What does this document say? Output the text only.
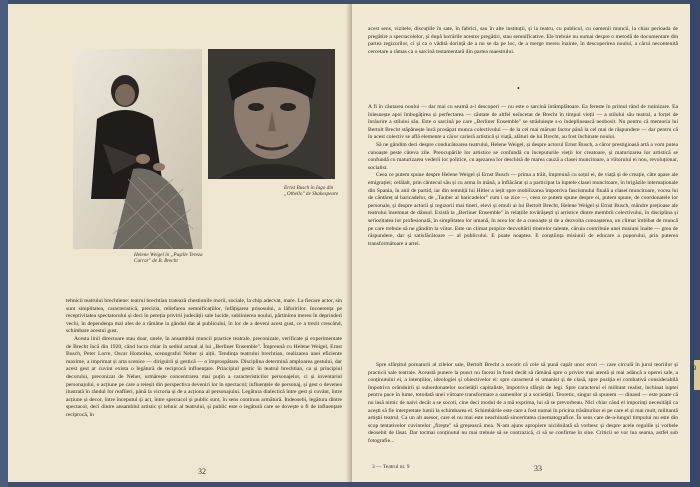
Ernst Busch în Iago din „Othello" de Shakespeare
Helene Weigel în „Puştile Tereza Carrar" de B. Brecht

tehnicii teatrului brechtiene: teatrul brechtian tratează chestiunile morii, sociale, la chip adecvat, mare. La fiecare actor, sin sunt simplitatea, caracteristică, precizia, reliefarea semnificațiilor, înfățișarea prisosului, a lăfuririlor. Incoerența pe receptivitatea spectatorului și deci în pereția privirii judecății sale lucide, sublinierea noului, părtinirea mereu în deprinderi vechi, în dependența mai ales de a rămâne la gândul dat al publicului, în loc de a deveni acest gust, ce a trezit crescând, schimbare acestui gust.

Acesta linii directoare stau doar, unele, în ansamblul muncii practice teatrale, preconizate, verificate și experimentate de Brecht încă din 1920, când lucra chiar în sediul actual al lui „Berliner Ensemble". Împreună cu Helene Weigel, Ernst Busch, Peter Lorre, Oscar Homolka, scenograful Neher și alții. Tendința teatrului brechtian, realizarea unei eficiente maxime, a imprimat și arta scenice — diriguirii și gestică — o împrospătare. Disciplina determină amploarea gestului, dar acest gest ar cuvint exista o legătură de reciprocă influențare. Principiul gestic în teatrul brechtian, ca și principiul decorului, preconizat de Neher, urmărește concentrarea mai puțin a caracteristicilor personajelor, ci și inventariul personajului, o acțiune pe care a reieșit din perspectiva deveniri lor în spectacol; influențele de personaj, și gest o devenea ilustrată în rândul lor reaflieri, până la victoria și de a acționa al personajului. Legătura dialectică între gest și cuvânt, între acțiune și decor, între începutul și act, între spectacol și public sunt, în sens continuu armătură. Indeosebi, legătura dintre spectacol, deci dintre ansamblul artistic și tehnic al teatrului, și public este o legătură care se dovește o fi de influențare reciprocă, în

32

acest sens, vizitele, discuțiile în sate, în fabrici, sau în alte instituții, și la teatru, cu publicul, cu oamenii muncii, la chiar perioada de pregătire a spectacolelor, și după lucrările acestor pregătiri, stau semnificative. Ele trebuie nu numai despre o metodă de documentare din partea regizorilor, ci și ca o vădită dorință de a nu se da pe loc, de a merge mereu înainte, în descoperirea noului, a cărui necontenită cercetare a rămas ca o sarcină testamentară din partea maestrului.

•

A fi în căutarea noului — dar mai cu seamă a-l descoperi — nu este o sarcină întâmplătoare. Ea fereste în primul rând de rutinizare. Ea înlesnește apoi îmbogățirea și perfectarea — căutate de altfel neîncetat de Brecht în timpul vieții — a stilului său teatral, a forței de înrâurire a stilului său. Este o sarcină pe care „Berliner Ensemble" se străduiește s-o îndeplinească neobosit. Nu pentru că memoria lui Bertolt Brecht stăpânește încă prosăpat munca colectivului — de la cel mai mărunt factor până la cel mai de răspundere — dar pentru că în acest colectiv se află elemente a căror carieră artistică și viață, alături de lui Brecht, au fost închinate noului.

Să ne gândim deci despre conducătoarea teatrului, Helene Weigel, și despre actorul Ernst Busch, a căror prestigioasă artă a vom putea cunoaște peste câteva zile. Preocupările lor artistice se confundă cu începuturile vieții lor creatoare, și maturizarea lor artistică se confundă cu maturizarea vederii lor politice, cu aşezarea lor deschisă de marea cauză a clasei muncitoare, a viitorului ei nou, revoluționar, socialist.

Ceea ce putem spune despre Helene Weigel și Ernst Busch — prima a trăit, împreună cu soțul ei, de viață și de creație, câte apare ale emigrației; celălalt, prin cântecul său și cu arma în mână, a înflăcărat și a participat la luptele clasei muncitoare, în brigăzile internaționale din Spania, în anii de partid, iar din temniță lui Hitler a ieșit spre mobilizarea împotriva fascismului finală a clasei muncitoare, vocea lui de cântăreț al baricadelor, de „Tauber al baricadelor" cum i se zice —, ceea ce putem spune despre ei, putem spune, de coordonatele lor personale, și despre actorii și regizorii mai tineri, elevi și emuli ai lui Bertolt Brecht, Helene Weigel și Ernst Busch, mândre prețioase ale teatrului însemnat de dânsul. Există la „Berliner Ensemble" în relațiile tovărășești și artistice dintre membrii colectivului, în disciplina și seriozitatea lor profesională, în simplitatea lor umană, în acea lor de a cunoaște și de a dezvolta cunoașterea, un climat îmbibat de muncă pe care trebuie să ne gândim la viitor. Este un climat propice dezvoltării tinerelor talente, căruia contribuie unei misiuni înalte — grea de răspundere, dar și satisfăcătoare — al publicului. E poate noaptea. E conștiința misiunii de educare a poporului, prin puterea transformătoare a artei.

Spre sfârșitul pornaturii al zilelor sale, Bertolt Brecht a socotit că cele să pună capăt unor erori — care circulă în jurul teoriilor și practicii sale teatrale. Această punere la punct nu faceai în fond decât să rămână spre o privire mai atentă și mai adâncă a operei sale, a conținutului ei, a intențiilor, ideologiei și obiectivelor ei: spre caracterul ei umanist și de clasă, spre poziția ei combativă considerabilă împotriva orânduirii și subordonatelor societății capitaliste, împotriva sfârșit de legi. Spre caracterul ei militant realist, închinat luptei pentru pace în lume, totodată unei viitoare transformare a oamenilor și a societății. Teoretic, singur să spunem — dinaud — este poate că nu lasă nimic de naivi decât a se socoti, cine deci modul de a mă exprima, lui să se prevorbeau. Nici chiar când el imporinți necesității ca acești să fie interpretate lumii la schimbarea el. Schimbările este care a fost numai în pricina trăsăturilor ei pe care el și mai mult, militantă artiștii teatrul. Ca un alt asesor, care el nu mai este neachinată sinceritatea cinematografice. În sens care de-a-lungul timpului nu este din scop tentativelor cuvintelor „fireşte" să greșească mea. N-am ajuns apropiere nicidoilată să vorbesc și despre acele regulile și vorbele deosebit de lăsat. Dar tocmai conținutul nu mai trebuie să se contrazică, ci să se confirme în sine. Criticii se vor lua seama, astfel sub fotografie...

3 — Teatrul nr. 9	33
9
